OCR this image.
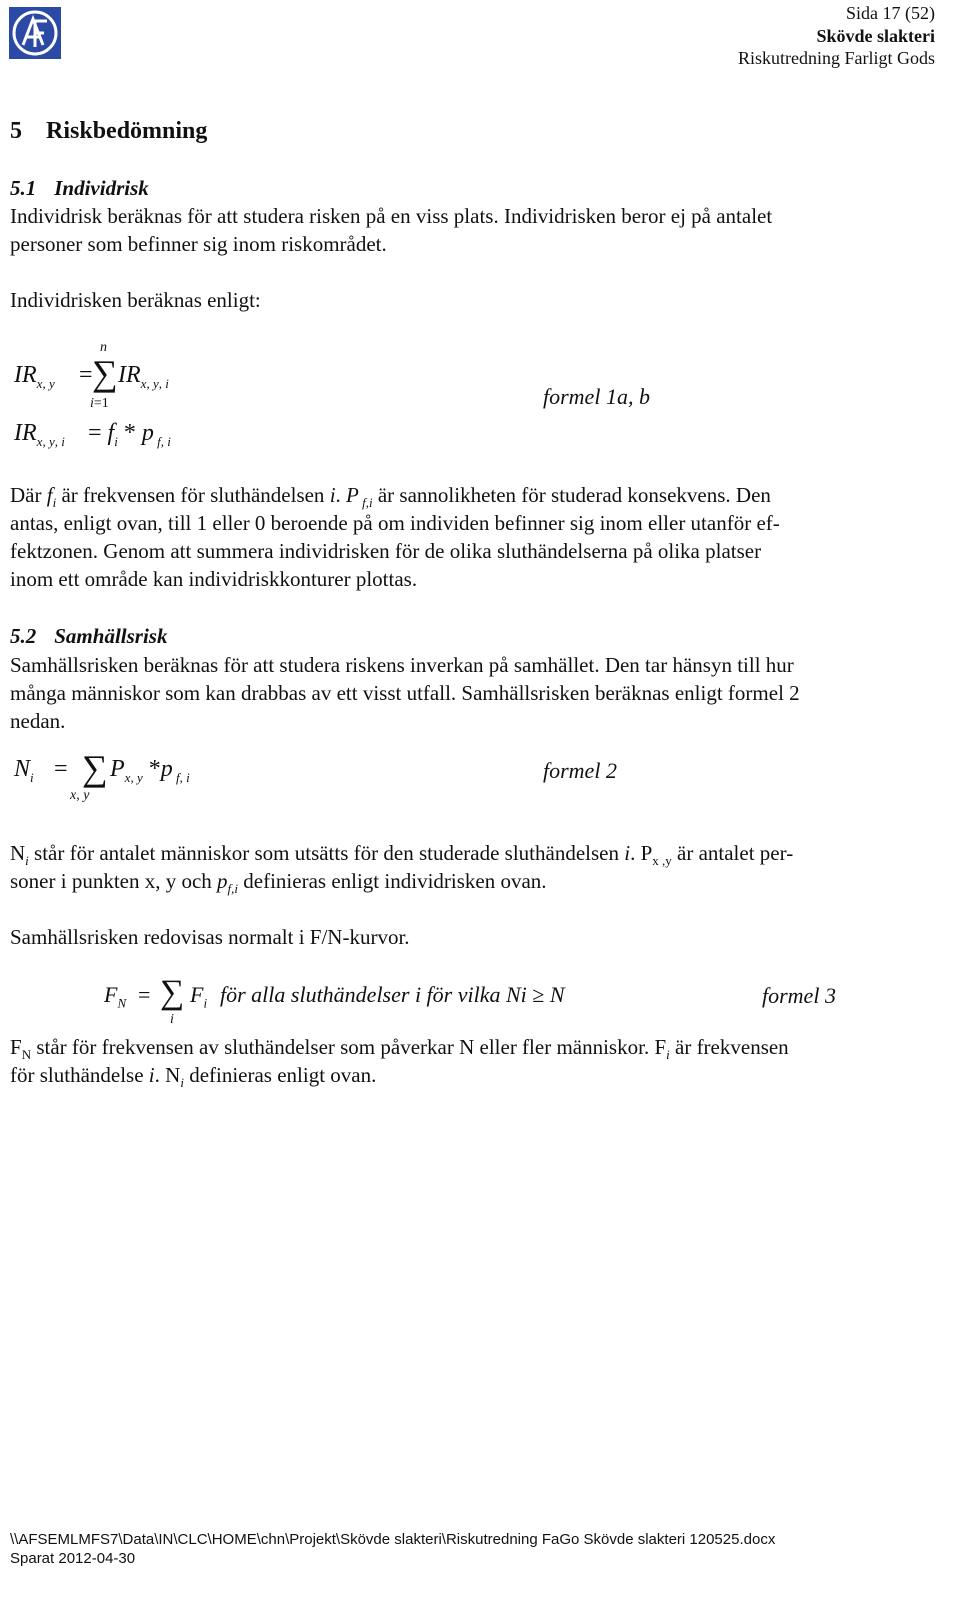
Sida 17 (52)
Skövde slakteri
Riskutredning Farligt Gods
5 Riskbedömning
5.1 Individrisk
Individrisk beräknas för att studera risken på en viss plats. Individrisken beror ej på antalet
personer som befinner sig inom riskområdet.
Individrisken beräknas enligt:
$IR_{x,}$ $_y$ =
n
∑
i=1
$IR_{x,}$ $_{y,}$ $_i$
$IR_{x,}$ $_{y,}$ $_i = f_i * p$ $_{f,}$ $_i$
formel 1a, b
Där $f_i$ är frekvensen för sluthändelsen i. P $_{f,i}$ är sannolikheten för studerad konsekvens. Den
antas, enligt ovan, till 1 eller 0 beroende på om individen befinner sig inom eller utanför ef-
fektzonen. Genom att summera individrisken för de olika sluthändelserna på olika platser
inom ett område kan individriskkonturer plottas.
5.2 Samhällsrisk
Samhällsrisken beräknas för att studera riskens inverkan på samhället. Den tar hänsyn till hur
många människor som kan drabbas av ett visst utfall. Samhällsrisken beräknas enligt formel 2
nedan.
$N_i$ = ∑
x, y
$P_{x,}$ $_y$ *p $_{f,}$ $_i$	formel 2
$N_i$ står för antalet människor som utsätts för den studerade sluthändelsen i. $P_{x ,y}$ är antalet per-
soner i punkten x, y och $p_{f,i}$ definieras enligt individrisken ovan.
Samhällsrisken redovisas normalt i F/N-kurvor.
$F_N$ = ∑
i
$F_i$ för alla sluthändelser i för vilka Ni ≥ N	formel 3
$F_N$ står för frekvensen av sluthändelser som påverkar N eller fler människor. $F_i$ är frekvensen
för sluthändelse i. $N_i$ definieras enligt ovan.
\\AFSEMLMFS7\Data\IN\CLC\HOME\chn\Projekt\Skövde slakteri\Riskutredning FaGo Skövde slakteri 120525.docx
Sparat 2012-04-30
